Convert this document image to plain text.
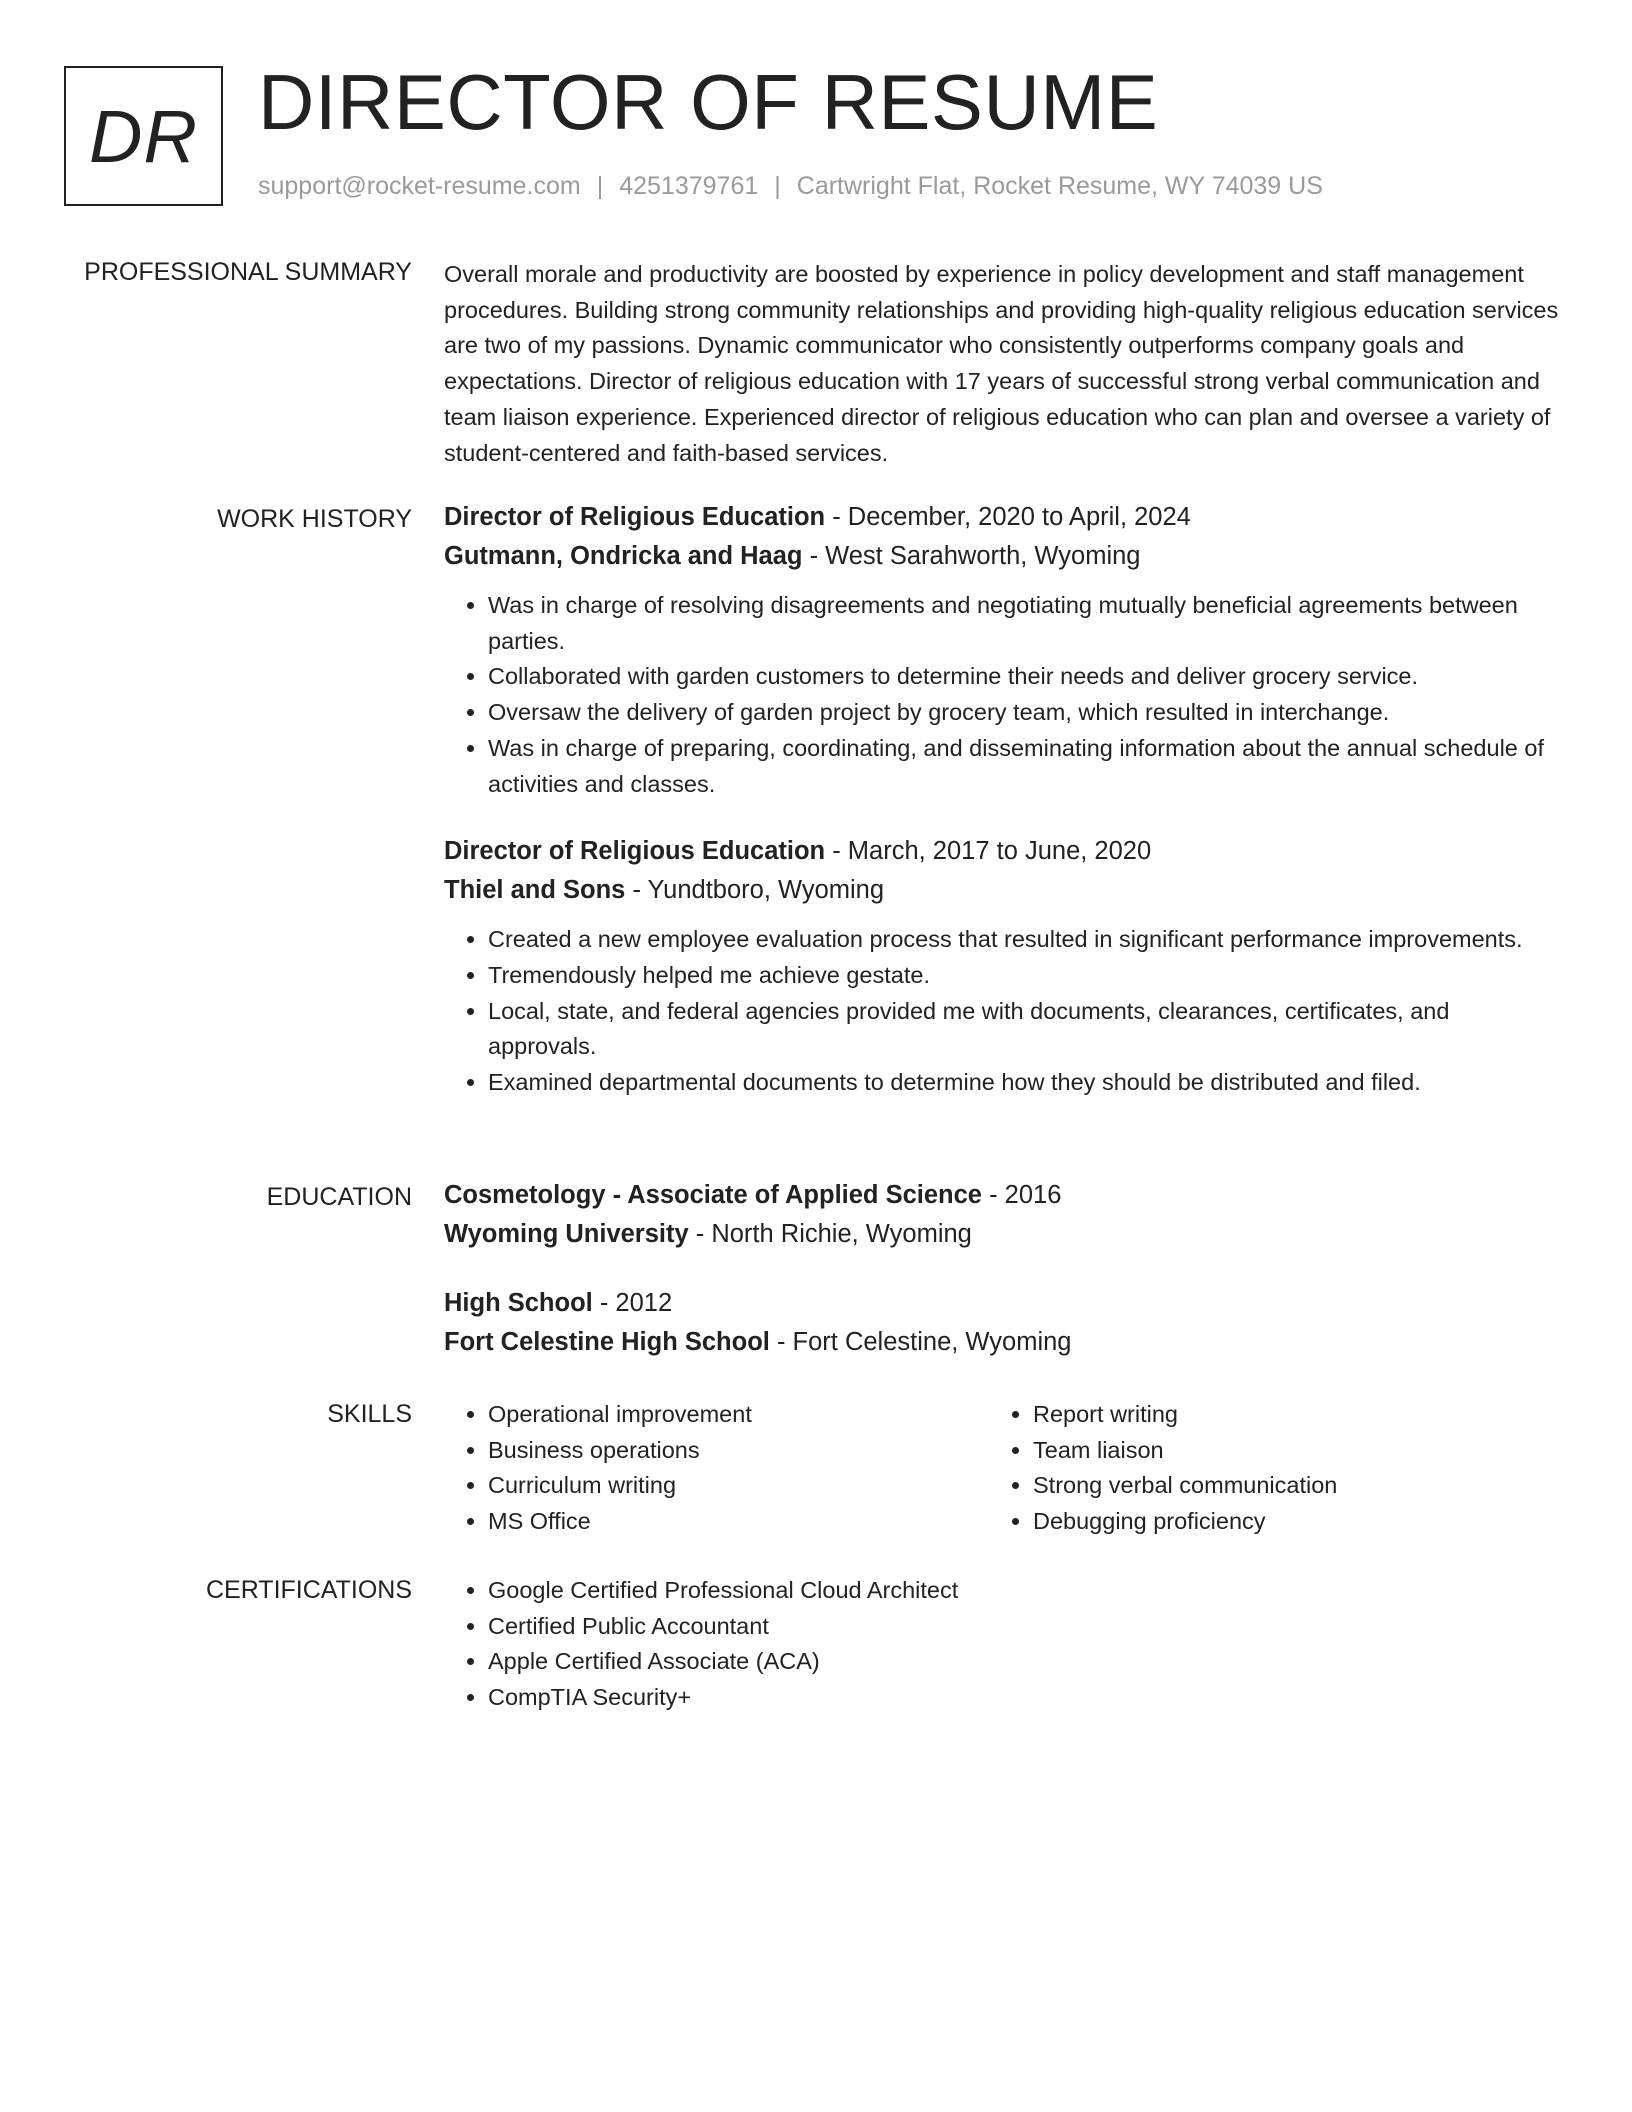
DR DIRECTOR OF RESUME
support@rocket-resume.com | 4251379761 | Cartwright Flat, Rocket Resume, WY 74039 US
PROFESSIONAL SUMMARY Overall morale and productivity are boosted by experience in policy development and staff management procedures. Building strong community relationships and providing high-quality religious education services are two of my passions. Dynamic communicator who consistently outperforms company goals and expectations. Director of religious education with 17 years of successful strong verbal communication and team liaison experience. Experienced director of religious education who can plan and oversee a variety of student-centered and faith-based services.

WORK HISTORY Director of Religious Education - December, 2020 to April, 2024
Gutmann, Ondricka and Haag - West Sarahworth, Wyoming
• Was in charge of resolving disagreements and negotiating mutually beneficial agreements between parties.
• Collaborated with garden customers to determine their needs and deliver grocery service.
• Oversaw the delivery of garden project by grocery team, which resulted in interchange.
• Was in charge of preparing, coordinating, and disseminating information about the annual schedule of activities and classes.
Director of Religious Education - March, 2017 to June, 2020
Thiel and Sons - Yundtboro, Wyoming
• Created a new employee evaluation process that resulted in significant performance improvements.
• Tremendously helped me achieve gestate.
• Local, state, and federal agencies provided me with documents, clearances, certificates, and approvals.
• Examined departmental documents to determine how they should be distributed and filed.
EDUCATION Cosmetology - Associate of Applied Science - 2016
Wyoming University - North Richie, Wyoming
High School - 2012
Fort Celestine High School - Fort Celestine, Wyoming
SKILLS	• Operational improvement
• Business operations
• Curriculum writing
• MS Office
• Report writing
• Team liaison
• Strong verbal communication
• Debugging proficiency
CERTIFICATIONS	• Google Certified Professional Cloud Architect
• Certified Public Accountant
• Apple Certified Associate (ACA)
• CompTIA Security+
